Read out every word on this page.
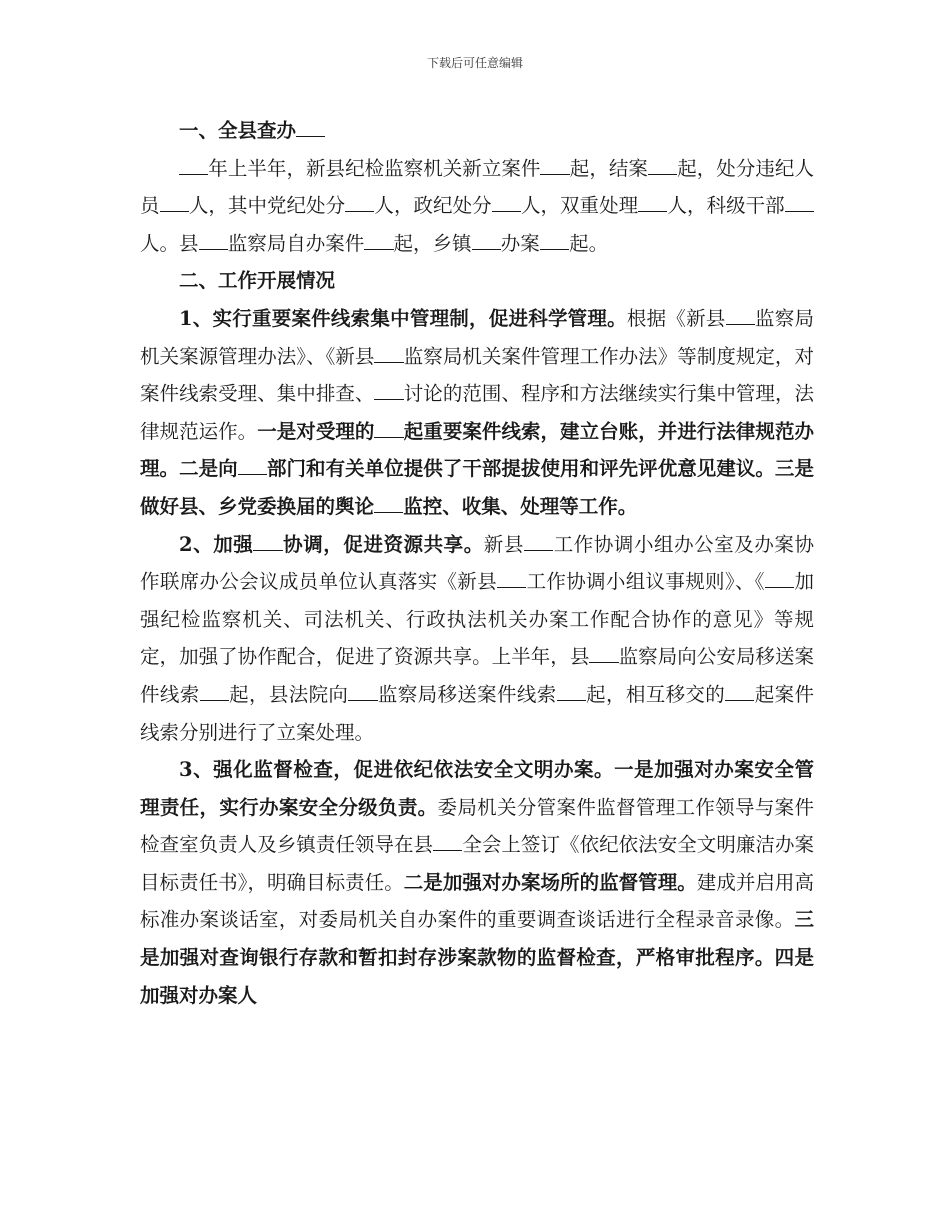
下载后可任意编辑

一、全县查办

年上半年，新县纪检监察机关新立案件 起，结案 起，处分违纪人员 人，其中党纪处分 人，政纪处分 人，双重处理 人，科级干部人。县 监察局自办案件 起，乡镇 办案 起。

二、工作开展情况

1、实行重要案件线索集中管理制，促进科学管理。根据《新县 监察局机关案源管理办法》、《新县 监察局机关案件管理工作办法》等制度规定，对案件线索受理、集中排查、 讨论的范围、程序和方法继续实行集中管理，法律规范运作。一是对受理的 起重要案件线索，建立台账，并进行法律规范办理。二是向 部门和有关单位提供了干部提拔使用和评先评优意见建议。三是做好县、乡党委换届的舆论 监控、收集、处理等工作。

2、加强 协调，促进资源共享。新县 工作协调小组办公室及办案协作联席办公会议成员单位认真落实《新县 工作协调小组议事规则》、《 加强纪检监察机关、司法机关、行政执法机关办案工作配合协作的意见》等规定，加强了协作配合，促进了资源共享。上半年，县 监察局向公安局移送案件线索 起，县法院向 监察局移送案件线索 起，相互移交的 起案件线索分别进行了立案处理。

3、强化监督检查，促进依纪依法安全文明办案。一是加强对办案安全管理责任，实行办案安全分级负责。委局机关分管案件监督管理工作领导与案件检查室负责人及乡镇责任领导在县 全会上签订《依纪依法安全文明廉洁办案目标责任书》，明确目标责任。二是加强对办案场所的监督管理。建成并启用高标准办案谈话室，对委局机关自办案件的重要调查谈话进行全程录音录像。三是加强对查询银行存款和暂扣封存涉案款物的监督检查，严格审批程序。四是加强对办案人
